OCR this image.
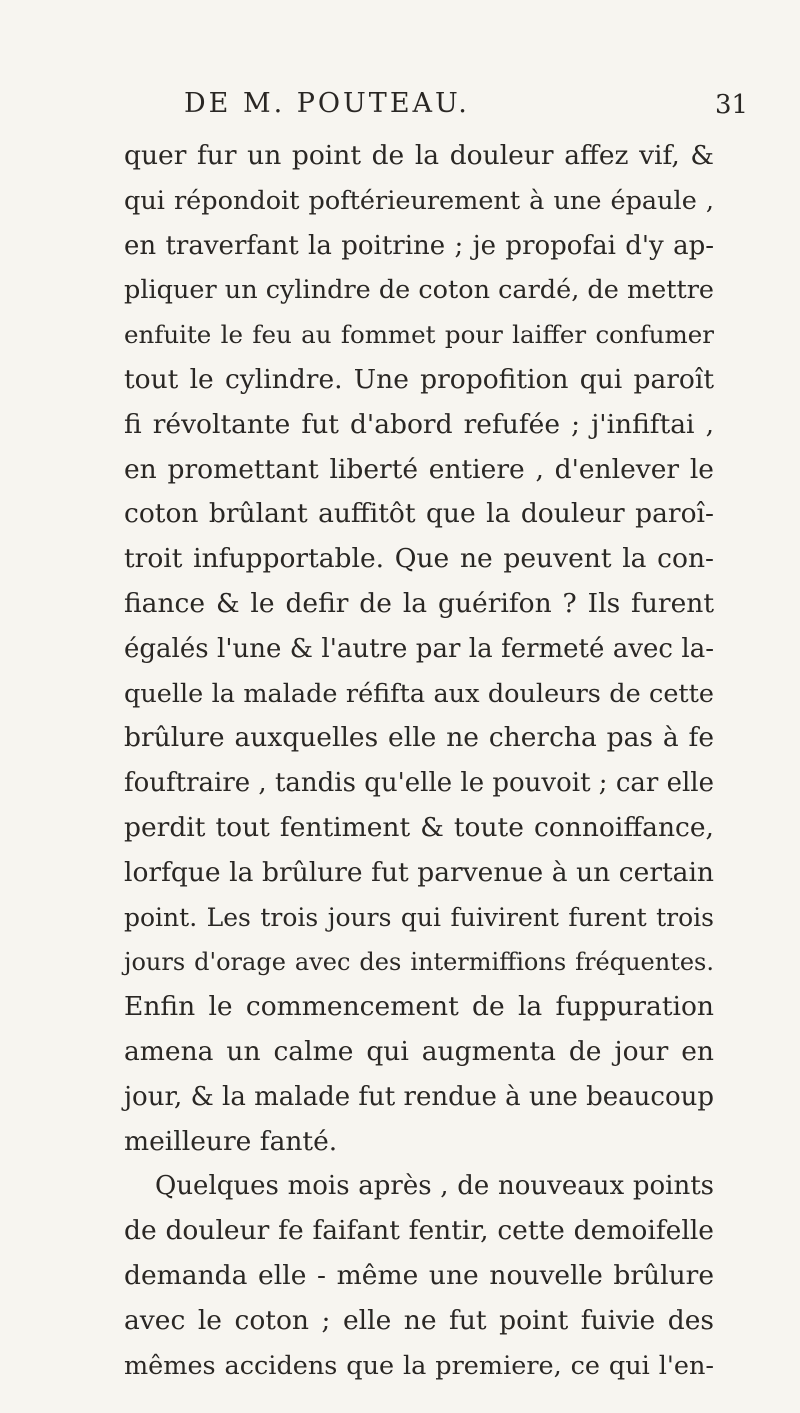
DE M. POUTEAU.	31
quer fur un point de la douleur affez vif, &
qui répondoit poftérieurement à une épaule ,
en traverfant la poitrine ; je propofai d'y ap-
pliquer un cylindre de coton cardé, de mettre
enfuite le feu au fommet pour laiffer confumer
tout le cylindre. Une propofition qui paroît
fi révoltante fut d'abord refufée ; j'infiftai ,
en promettant liberté entiere , d'enlever le
coton brûlant auffitôt que la douleur paroî-
troit infupportable. Que ne peuvent la con-
fiance & le defir de la guérifon ? Ils furent
égalés l'une & l'autre par la fermeté avec la-
quelle la malade réfifta aux douleurs de cette
brûlure auxquelles elle ne chercha pas à fe
fouftraire , tandis qu'elle le pouvoit ; car elle
perdit tout fentiment & toute connoiffance,
lorfque la brûlure fut parvenue à un certain
point. Les trois jours qui fuivirent furent trois
jours d'orage avec des intermiffions fréquentes.
Enfin le commencement de la fuppuration
amena un calme qui augmenta de jour en
jour, & la malade fut rendue à une beaucoup
meilleure fanté.
Quelques mois après , de nouveaux points
de douleur fe faifant fentir, cette demoifelle
demanda elle - même une nouvelle brûlure
avec le coton ; elle ne fut point fuivie des
mêmes accidens que la premiere, ce qui l'en-
